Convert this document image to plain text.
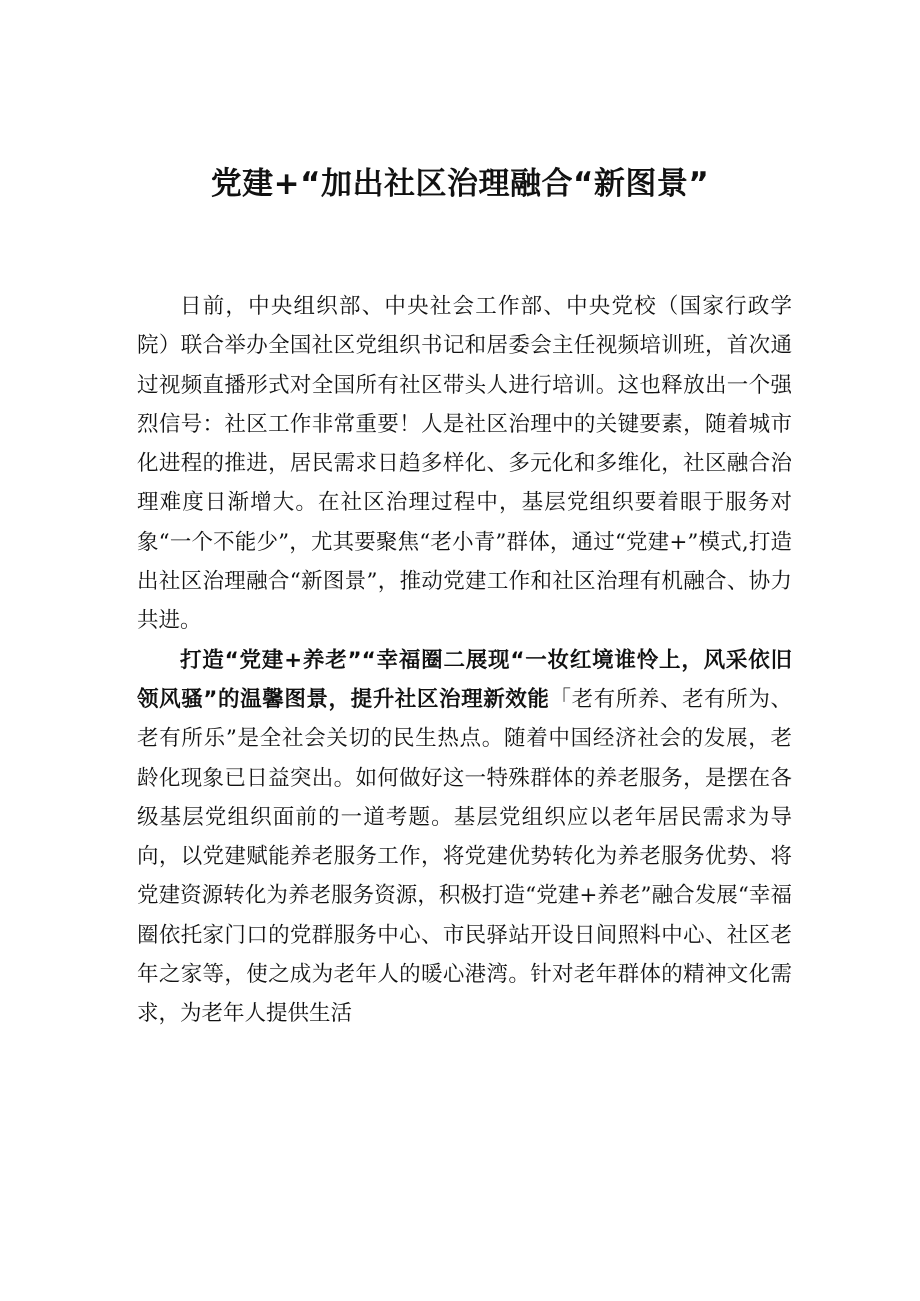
党建+“加出社区治理融合“新图景”

日前，中央组织部、中央社会工作部、中央党校（国家行政学院）联合举办全国社区党组织书记和居委会主任视频培训班，首次通过视频直播形式对全国所有社区带头人进行培训。这也释放出一个强烈信号：社区工作非常重要！人是社区治理中的关键要素，随着城市化进程的推进，居民需求日趋多样化、多元化和多维化，社区融合治理难度日渐增大。在社区治理过程中，基层党组织要着眼于服务对象“一个不能少”，尤其要聚焦“老小青”群体，通过“党建+”模式,打造出社区治理融合“新图景”，推动党建工作和社区治理有机融合、协力共进。

打造“党建+养老”“幸福圈二展现“一妆红境谁怜上，风采依旧领风骚”的温馨图景，提升社区治理新效能「老有所养、老有所为、老有所乐”是全社会关切的民生热点。随着中国经济社会的发展，老龄化现象已日益突出。如何做好这一特殊群体的养老服务，是摆在各级基层党组织面前的一道考题。基层党组织应以老年居民需求为导向，以党建赋能养老服务工作，将党建优势转化为养老服务优势、将党建资源转化为养老服务资源，积极打造“党建+养老”融合发展“幸福圈依托家门口的党群服务中心、市民驿站开设日间照料中心、社区老年之家等，使之成为老年人的暖心港湾。针对老年群体的精神文化需求，为老年人提供生活
